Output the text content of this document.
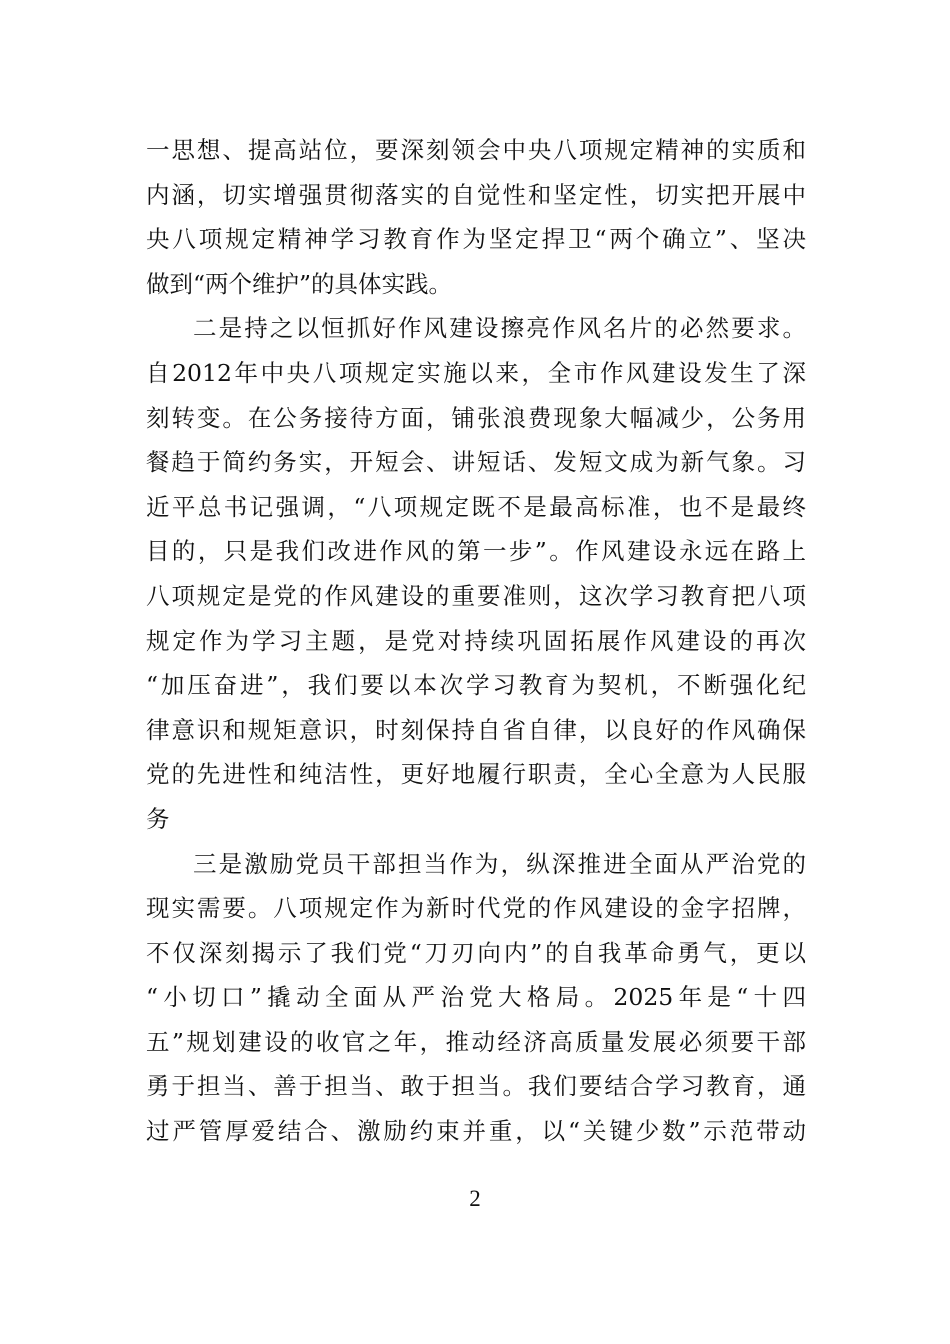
一思想、提高站位，要深刻领会中央八项规定精神的实质和
内涵，切实增强贯彻落实的自觉性和坚定性，切实把开展中
央八项规定精神学习教育作为坚定捍卫“两个确立”、坚决
做到“两个维护”的具体实践。
二是持之以恒抓好作风建设擦亮作风名片的必然要求。
自2012年中央八项规定实施以来，全市作风建设发生了深
刻转变。在公务接待方面，铺张浪费现象大幅减少，公务用
餐趋于简约务实，开短会、讲短话、发短文成为新气象。习
近平总书记强调，“八项规定既不是最高标准，也不是最终
目的，只是我们改进作风的第一步”。作风建设永远在路上
八项规定是党的作风建设的重要准则，这次学习教育把八项
规定作为学习主题，是党对持续巩固拓展作风建设的再次
“加压奋进”，我们要以本次学习教育为契机，不断强化纪
律意识和规矩意识，时刻保持自省自律，以良好的作风确保
党的先进性和纯洁性，更好地履行职责，全心全意为人民服
务
三是激励党员干部担当作为，纵深推进全面从严治党的
现实需要。八项规定作为新时代党的作风建设的金字招牌，
不仅深刻揭示了我们党“刀刃向内”的自我革命勇气，更以
“小切口”撬动全面从严治党大格局。2025年是“十四
五”规划建设的收官之年，推动经济高质量发展必须要干部
勇于担当、善于担当、敢于担当。我们要结合学习教育，通
过严管厚爱结合、激励约束并重，以“关键少数”示范带动
2
